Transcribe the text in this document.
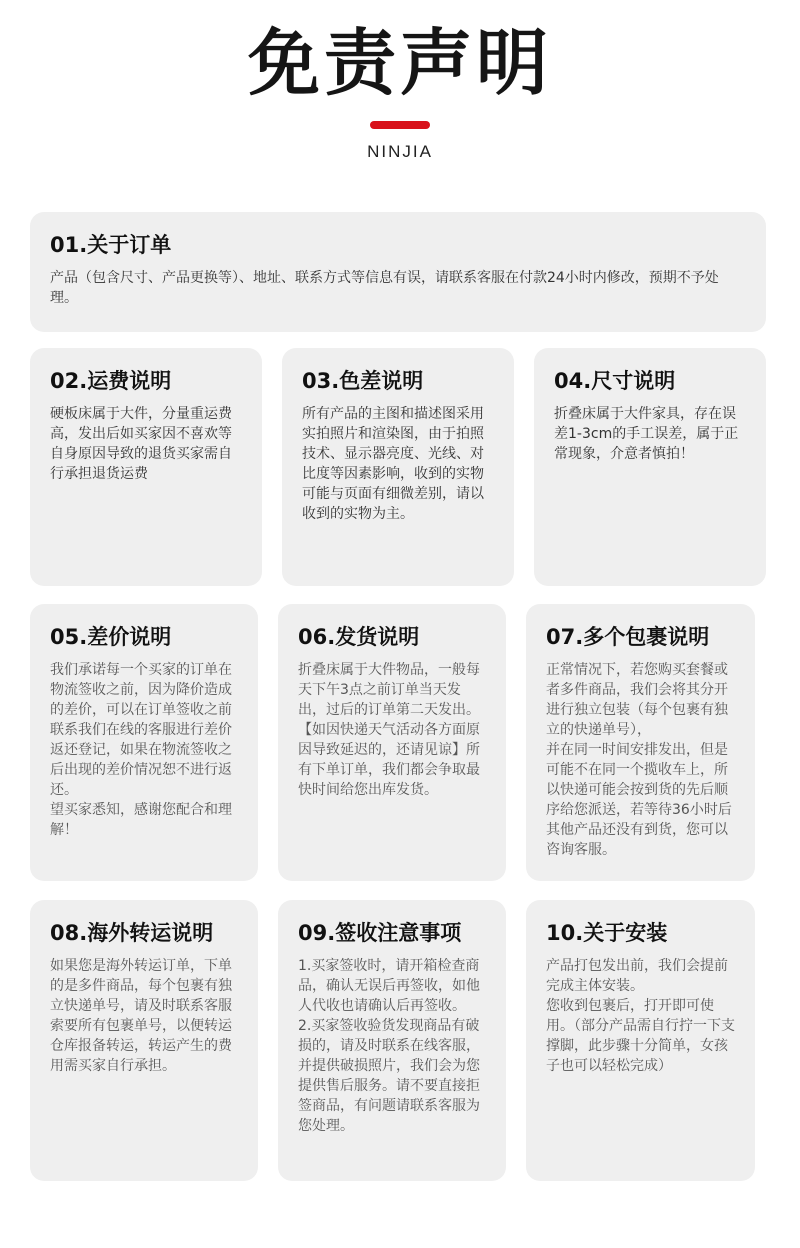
免责声明
NINJIA
01.关于订单

产品（包含尺寸、产品更换等）、地址、联系方式等信息有误，请联系客服在付款24小时内修改，预期不予处理。

02.运费说明

硬板床属于大件，分量重运费高，发出后如买家因不喜欢等自身原因导致的退货买家需自行承担退货运费

03.色差说明

所有产品的主图和描述图采用实拍照片和渲染图，由于拍照技术、显示器亮度、光线、对比度等因素影响，收到的实物可能与页面有细微差别，请以收到的实物为主。

04.尺寸说明

折叠床属于大件家具，存在误差1-3cm的手工误差，属于正常现象，介意者慎拍！

05.差价说明

我们承诺每一个买家的订单在物流签收之前，因为降价造成的差价，可以在订单签收之前联系我们在线的客服进行差价返还登记，如果在物流签收之后出现的差价情况恕不进行返还。
望买家悉知，感谢您配合和理解！

06.发货说明

折叠床属于大件物品，一般每天下午3点之前订单当天发出，过后的订单第二天发出。
【如因快递天气活动各方面原因导致延迟的，还请见谅】所有下单订单，我们都会争取最快时间给您出库发货。

07.多个包裹说明

正常情况下，若您购买套餐或者多件商品，我们会将其分开进行独立包装（每个包裹有独立的快递单号），
并在同一时间安排发出，但是可能不在同一个揽收车上，所以快递可能会按到货的先后顺序给您派送，若等待36小时后其他产品还没有到货，您可以咨询客服。

08.海外转运说明

如果您是海外转运订单，下单的是多件商品，每个包裹有独立快递单号，请及时联系客服索要所有包裹单号，以便转运仓库报备转运，转运产生的费用需买家自行承担。

09.签收注意事项

1.买家签收时，请开箱检查商品，确认无误后再签收，如他人代收也请确认后再签收。
2.买家签收验货发现商品有破损的，请及时联系在线客服，并提供破损照片，我们会为您提供售后服务。请不要直接拒签商品，有问题请联系客服为您处理。

10.关于安装

产品打包发出前，我们会提前完成主体安装。
您收到包裹后，打开即可使用。（部分产品需自行拧一下支撑脚，此步骤十分简单，女孩子也可以轻松完成）
